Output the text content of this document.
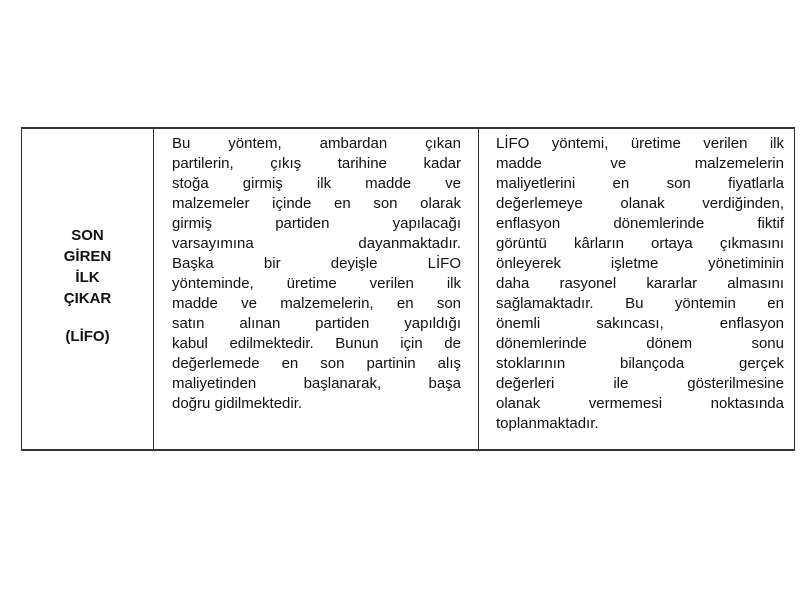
SON
GİREN
İLK
ÇIKAR
(LİFO)

Bu yöntem, ambardan çıkan
partilerin, çıkış tarihine kadar
stoğa girmiş ilk madde ve
malzemeler içinde en son olarak
girmiş partiden yapılacağı
varsayımına dayanmaktadır.
Başka bir deyişle LİFO
yönteminde, üretime verilen ilk
madde ve malzemelerin, en son
satın alınan partiden yapıldığı
kabul edilmektedir. Bunun için de
değerlemede en son partinin alış
maliyetinden başlanarak, başa
doğru gidilmektedir.

LİFO yöntemi, üretime verilen ilk
madde ve malzemelerin
maliyetlerini en son fiyatlarla
değerlemeye olanak verdiğinden,
enflasyon dönemlerinde fiktif
görüntü kârların ortaya çıkmasını
önleyerek işletme yönetiminin
daha rasyonel kararlar almasını
sağlamaktadır. Bu yöntemin en
önemli sakıncası, enflasyon
dönemlerinde dönem sonu
stoklarının bilançoda gerçek
değerleri ile gösterilmesine
olanak vermemesi noktasında
toplanmaktadır.
